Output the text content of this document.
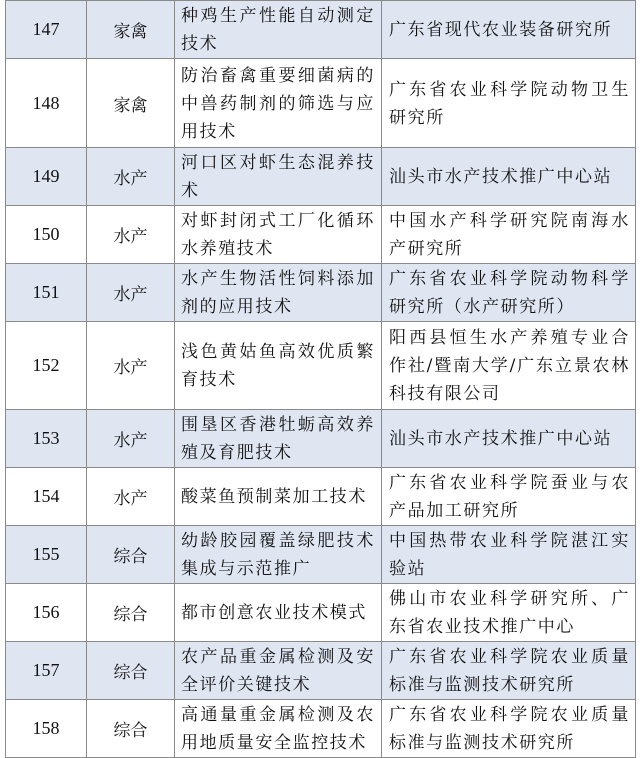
147	家禽	种鸡生产性能自动测定技术	广东省现代农业装备研究所
148	家禽	防治畜禽重要细菌病的中兽药制剂的筛选与应用技术	广东省农业科学院动物卫生研究所
149	水产	河口区对虾生态混养技术	汕头市水产技术推广中心站
150	水产	对虾封闭式工厂化循环水养殖技术	中国水产科学研究院南海水产研究所
151	水产	水产生物活性饲料添加剂的应用技术	广东省农业科学院动物科学研究所（水产研究所）
152	水产	浅色黄姑鱼高效优质繁育技术	阳西县恒生水产养殖专业合作社/暨南大学/广东立景农林科技有限公司
153	水产	围垦区香港牡蛎高效养殖及育肥技术	汕头市水产技术推广中心站
154	水产	酸菜鱼预制菜加工技术	广东省农业科学院蚕业与农产品加工研究所
155	综合	幼龄胶园覆盖绿肥技术集成与示范推广	中国热带农业科学院湛江实验站
156	综合	都市创意农业技术模式	佛山市农业科学研究所、广东省农业技术推广中心
157	综合	农产品重金属检测及安全评价关键技术	广东省农业科学院农业质量标准与监测技术研究所
158	综合	高通量重金属检测及农用地质量安全监控技术	广东省农业科学院农业质量标准与监测技术研究所
